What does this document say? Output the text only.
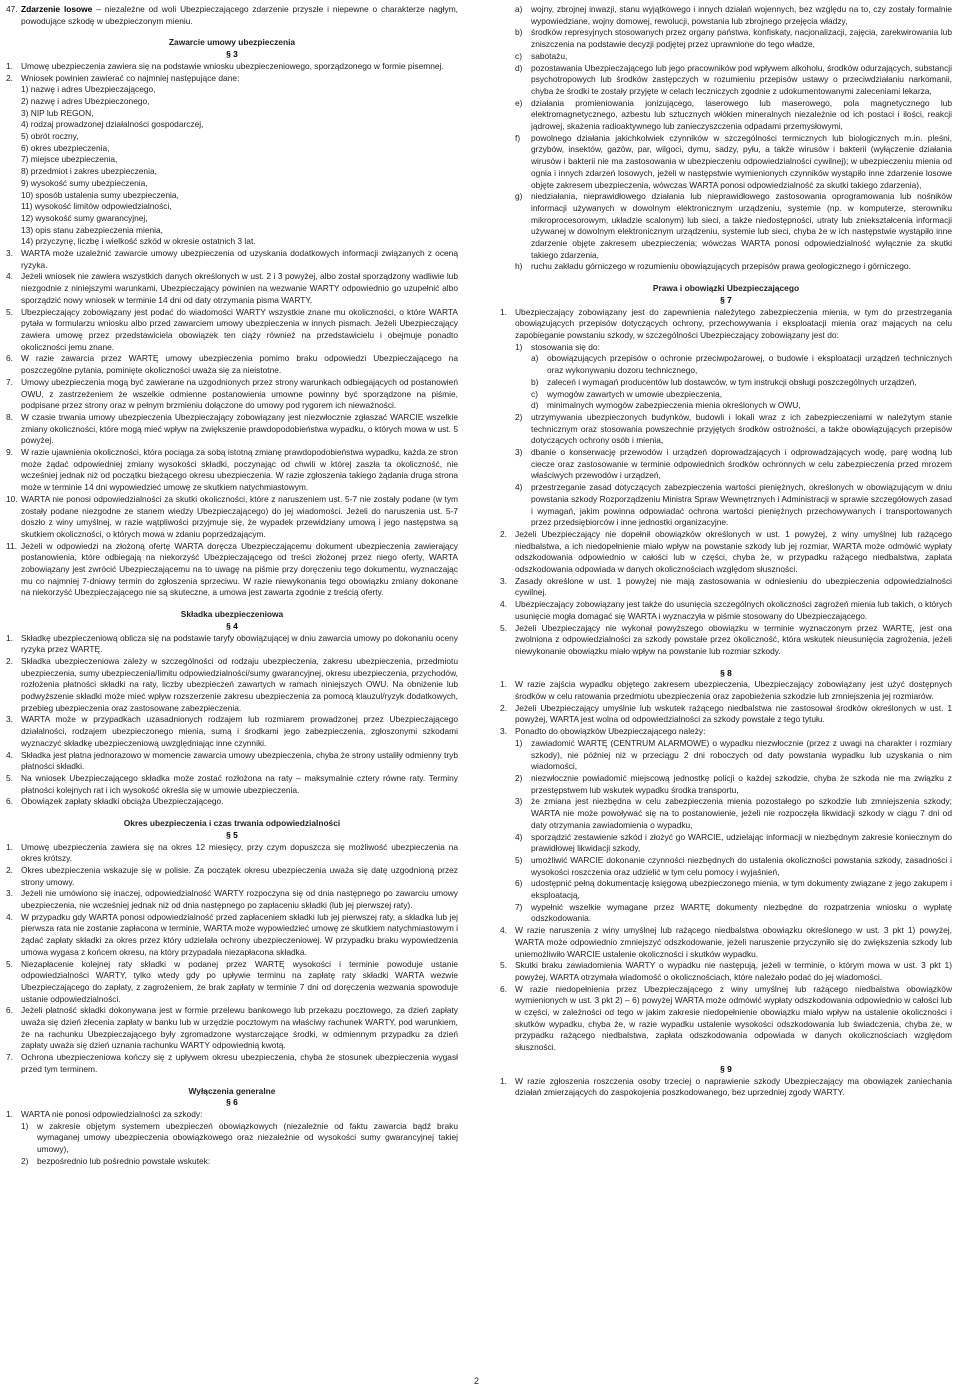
47. Zdarzenie losowe – niezależne od woli Ubezpieczającego zdarzenie przyszłe i niepewne o charakterze nagłym, powodujące szkodę w ubezpieczonym mieniu.
Zawarcie umowy ubezpieczenia
§ 3
1. Umowę ubezpieczenia zawiera się na podstawie wniosku ubezpieczeniowego, sporządzonego w formie pisemnej.
2. Wniosek powinien zawierać co najmniej następujące dane:
1) nazwę i adres Ubezpieczającego,
2) nazwę i adres Ubezpieczonego,
3) NIP lub REGON,
4) rodzaj prowadzonej działalności gospodarczej,
5) obrót roczny,
6) okres ubezpieczenia,
7) miejsce ubezpieczenia,
8) przedmiot i zakres ubezpieczenia,
9) wysokość sumy ubezpieczenia,
10) sposób ustalenia sumy ubezpieczenia,
11) wysokość limitów odpowiedzialności,
12) wysokość sumy gwarancyjnej,
13) opis stanu zabezpieczenia mienia,
14) przyczynę, liczbę i wielkość szkód w okresie ostatnich 3 lat.
3. WARTA może uzależnić zawarcie umowy ubezpieczenia od uzyskania dodatkowych informacji związanych z oceną ryzyka.
4. Jeżeli wniosek nie zawiera wszystkich danych określonych w ust. 2 i 3 powyżej, albo został sporządzony wadliwie lub niezgodnie z niniejszymi warunkami, Ubezpieczający powinien na wezwanie WARTY odpowiednio go uzupełnić albo sporządzić nowy wniosek w terminie 14 dni od daty otrzymania pisma WARTY.
5. Ubezpieczający zobowiązany jest podać do wiadomości WARTY wszystkie znane mu okoliczności, o które WARTA pytała w formularzu wniosku albo przed zawarciem umowy ubezpieczenia w innych pismach. Jeżeli Ubezpieczający zawiera umowę przez przedstawiciela obowiązek ten ciąży również na przedstawicielu i obejmuje ponadto okoliczności jemu znane.
6. W razie zawarcia przez WARTĘ umowy ubezpieczenia pomimo braku odpowiedzi Ubezpieczającego na poszczególne pytania, pominięte okoliczności uważa się za nieistotne.
7. Umowy ubezpieczenia mogą być zawierane na uzgodnionych przez strony warunkach odbiegających od postanowień OWU, z zastrzeżeniem że wszelkie odmienne postanowienia umowne powinny być sporządzone na piśmie, podpisane przez strony oraz w pełnym brzmieniu dołączone do umowy pod rygorem ich nieważności.
8. W czasie trwania umowy ubezpieczenia Ubezpieczający zobowiązany jest niezwłocznie zgłaszać WARCIE wszelkie zmiany okoliczności, które mogą mieć wpływ na zwiększenie prawdopodobieństwa wypadku, o których mowa w ust. 5 powyżej.
9. W razie ujawnienia okoliczności, która pociąga za sobą istotną zmianę prawdopodobieństwa wypadku, każda ze stron może żądać odpowiedniej zmiany wysokości składki, poczynając od chwili w której zaszła ta okoliczność, nie wcześniej jednak niż od początku bieżącego okresu ubezpieczenia. W razie zgłoszenia takiego żądania druga strona może w terminie 14 dni wypowiedzieć umowę ze skutkiem natychmiastowym.
10. WARTA nie ponosi odpowiedzialności za skutki okoliczności, które z naruszeniem ust. 5-7 nie zostały podane (w tym zostały podane niezgodne ze stanem wiedzy Ubezpieczającego) do jej wiadomości. Jeżeli do naruszenia ust. 5-7 doszło z winy umyślnej, w razie wątpliwości przyjmuje się, że wypadek przewidziany umową i jego następstwa są skutkiem okoliczności, o których mowa w zdaniu poprzedzającym.
11. Jeżeli w odpowiedzi na złożoną ofertę WARTA doręcza Ubezpieczającemu dokument ubezpieczenia zawierający postanowienia, które odbiegają na niekorzyść Ubezpieczającego od treści złożonej przez niego oferty, WARTA zobowiązany jest zwrócić Ubezpieczającemu na to uwagę na piśmie przy doręczeniu tego dokumentu, wyznaczając mu co najmniej 7-dniowy termin do zgłoszenia sprzeciwu. W razie niewykonania tego obowiązku zmiany dokonane na niekorzyść Ubezpieczającego nie są skuteczne, a umowa jest zawarta zgodnie z treścią oferty.
Składka ubezpieczeniowa
§ 4
1. Składkę ubezpieczeniową oblicza się na podstawie taryfy obowiązującej w dniu zawarcia umowy po dokonaniu oceny ryzyka przez WARTĘ.
2. Składka ubezpieczeniowa zależy w szczególności od rodzaju ubezpieczenia, zakresu ubezpieczenia, przedmiotu ubezpieczenia, sumy ubezpieczenia/limitu odpowiedzialności/sumy gwarancyjnej, okresu ubezpieczenia, przychodów, rozłożenia płatności składki na raty, liczby ubezpieczeń zawartych w ramach niniejszych OWU. Na obniżenie lub podwyższenie składki może mieć wpływ rozszerzenie zakresu ubezpieczenia za pomocą klauzul/ryzyk dodatkowych, przebieg ubezpieczenia oraz zastosowane zabezpieczenia.
3. WARTA może w przypadkach uzasadnionych rodzajem lub rozmiarem prowadzonej przez Ubezpieczającego działalności, rodzajem ubezpieczonego mienia, sumą i środkami jego zabezpieczenia, zgłoszonymi szkodami wyznaczyć składkę ubezpieczeniową uwzględniając inne czynniki.
4. Składka jest płatna jednorazowo w momencie zawarcia umowy ubezpieczenia, chyba że strony ustaliły odmienny tryb płatności składki.
5. Na wniosek Ubezpieczającego składka może zostać rozłożona na raty – maksymalnie cztery równe raty. Terminy płatności kolejnych rat i ich wysokość określa się w umowie ubezpieczenia.
6. Obowiązek zapłaty składki obciąża Ubezpieczającego.
Okres ubezpieczenia i czas trwania odpowiedzialności
§ 5
1. Umowę ubezpieczenia zawiera się na okres 12 miesięcy, przy czym dopuszcza się możliwość ubezpieczenia na okres krótszy.
2. Okres ubezpieczenia wskazuje się w polisie. Za początek okresu ubezpieczenia uważa się datę uzgodnioną przez strony umowy.
3. Jeżeli nie umówiono się inaczej, odpowiedzialność WARTY rozpoczyna się od dnia następnego po zawarciu umowy ubezpieczenia, nie wcześniej jednak niż od dnia następnego po zapłaceniu składki (lub jej pierwszej raty).
4. W przypadku gdy WARTA ponosi odpowiedzialność przed zapłaceniem składki lub jej pierwszej raty, a składka lub jej pierwsza rata nie zostanie zapłacona w terminie, WARTA może wypowiedzieć umowę ze skutkiem natychmiastowym i żądać zapłaty składki za okres przez który udzielała ochrony ubezpieczeniowej. W przypadku braku wypowiedzenia umowa wygasa z końcem okresu, na który przypadała niezapłacona składka.
5. Niezapłacenie kolejnej raty składki w podanej przez WARTĘ wysokości i terminie powoduje ustanie odpowiedzialności WARTY, tylko wtedy gdy po upływie terminu na zapłatę raty składki WARTA wezwie Ubezpieczającego do zapłaty, z zagrożeniem, że brak zapłaty w terminie 7 dni od doręczenia wezwania spowoduje ustanie odpowiedzialności.
6. Jeżeli płatność składki dokonywana jest w formie przelewu bankowego lub przekazu pocztowego, za dzień zapłaty uważa się dzień złecenia zapłaty w banku lub w urzędzie pocztowym na właściwy rachunek WARTY, pod warunkiem, że na rachunku Ubezpieczającego były zgromadzone wystarczające środki, w odmiennym przypadku za dzień zapłaty uważa się dzień uznania rachunku WARTY odpowiednią kwotą.
7. Ochrona ubezpieczeniowa kończy się z upływem okresu ubezpieczenia, chyba że stosunek ubezpieczenia wygasł przed tym terminem.
Wyłączenia generalne
§ 6
1. WARTA nie ponosi odpowiedzialności za szkody:
1) w zakresie objętym systemem ubezpieczeń obowiązkowych (niezależnie od faktu zawarcia bądź braku wymaganej umowy ubezpieczenia obowiązkowego oraz niezależnie od wysokości sumy gwarancyjnej takiej umowy),
2) bezpośrednio lub pośrednio powstałe wskutek:
a) wojny, zbrojnej inwazji, stanu wyjątkowego i innych działań wojennych, bez względu na to, czy zostały formalnie wypowiedziane, wojny domowej, rewolucji, powstania lub zbrojnego przejęcia władzy,
b) środków represyjnych stosowanych przez organy państwa, konfiskaty, nacjonalizacji, zajęcia, zarekwirowania lub zniszczenia na podstawie decyzji podjętej przez uprawnione do tego władze,
c) sabotażu,
d) pozostawania Ubezpieczającego lub jego pracowników pod wpływem alkoholu, środków odurzających, substancji psychotropowych lub środków zastępczych w rozumieniu przepisów ustawy o przeciwdziałaniu narkomanii, chyba że środki te zostały przyjęte w celach leczniczych zgodnie z udokumentowanymi zaleceniami lekarza,
e) działania promieniowania jonizującego, laserowego lub maserowego, pola magnetycznego lub elektromagnetycznego, azbestu lub sztucznych włókien mineralnych niezależnie od ich postaci i ilości, reakcji jądrowej, skażenia radioaktywnego lub zanieczyszczenia odpadami przemysłowymi,
f) powolnego działania jakichkolwiek czynników w szczególności termicznych lub biologicznych m.in. pleśni, grzybów, insektów, gazów, par, wilgoci, dymu, sadzy, pyłu, a także wirusów i bakterii (wyłączenie działania wirusów i bakterii nie ma zastosowania w ubezpieczeniu odpowiedzialności cywilnej); w ubezpieczeniu mienia od ognia i innych zdarzeń losowych, jeżeli w następstwie wymienionych czynników wystąpiło inne zdarzenie losowe objęte zakresem ubezpieczenia, wówczas WARTA ponosi odpowiedzialność za skutki takiego zdarzenia),
g) niedziałania, nieprawidłowego działania lub nieprawidłowego zastosowania oprogramowania lub nośników informacji używanych w dowolnym elektronicznym urządzeniu, systemie (np. w komputerze, sterowniku mikroprocesorowym, układzie scalonym) lub sieci, a także niedostępności, utraty lub zniekształcenia informacji używanej w dowolnym elektronicznym urządzeniu, systemie lub sieci, chyba że w ich następstwie wystąpiło inne zdarzenie objęte zakresem ubezpieczenia; wówczas WARTA ponosi odpowiedzialność wyłącznie za skutki takiego zdarzenia,
h) ruchu zakładu górniczego w rozumieniu obowiązujących przepisów prawa geologicznego i górniczego.
Prawa i obowiązki Ubezpieczającego
§ 7
1. Ubezpieczający zobowiązany jest do zapewnienia należytego zabezpieczenia mienia, w tym do przestrzegania obowiązujących przepisów dotyczących ochrony, przechowywania i eksploatacji mienia oraz mających na celu zapobieganie powstaniu szkody, w szczególności Ubezpieczający zobowiązany jest do:
1) stosowania się do:
a) obowiązujących przepisów o ochronie przeciwpożarowej, o budowie i eksploatacji urządzeń technicznych oraz wykonywaniu dozoru technicznego,
b) zaleceń i wymagań producentów lub dostawców, w tym instrukcji obsługi poszczególnych urządzeń,
c) wymogów zawartych w umowie ubezpieczenia,
d) minimalnych wymogów zabezpieczenia mienia określonych w OWU,
2) utrzymywania ubezpieczonych budynków, budowli i lokali wraz z ich zabezpieczeniami w należytym stanie technicznym oraz stosowania powszechnie przyjętych środków ostrożności, a także obowiązujących przepisów dotyczących ochrony osób i mienia,
3) dbanie o konserwację przewodów i urządzeń doprowadzających i odprowadzających wodę, parę wodną lub ciecze oraz zastosowanie w terminie odpowiednich środków ochronnych w celu zabezpieczenia przed mrozem właściwych przewodów i urządzeń,
4) przestrzeganie zasad dotyczących zabezpieczenia wartości pieniężnych, określonych w obowiązującym w dniu powstania szkody Rozporządzeniu Ministra Spraw Wewnętrznych i Administracji w sprawie szczegółowych zasad i wymagań, jakim powinna odpowiadać ochrona wartości pieniężnych przechowywanych i transportowanych przez przedsiębiorców i inne jednostki organizacyjne.
2. Jeżeli Ubezpieczający nie dopełnił obowiązków określonych w ust. 1 powyżej, z winy umyślnej lub rażącego niedbalstwa, a ich niedopełnienie miało wpływ na powstanie szkody lub jej rozmiar, WARTA może odmówić wypłaty odszkodowania odpowiednio w całości lub w części, chyba że, w przypadku rażącego niedbalstwa, zapłata odszkodowania odpowiada w danych okolicznościach względom słuszności.
3. Zasady określone w ust. 1 powyżej nie mają zastosowania w odniesieniu do ubezpieczenia odpowiedzialności cywilnej.
4. Ubezpieczający zobowiązany jest także do usunięcia szczególnych okoliczności zagrożeń mienia lub takich, o których usunięcie mogła domagać się WARTA i wyznaczyła w piśmie stosowany do Ubezpieczającego.
5. Jeżeli Ubezpieczający nie wykonał powyższego obowiązku w terminie wyznaczonym przez WARTĘ, jest ona zwolniona z odpowiedzialności za szkody powstałe przez okoliczność, która wskutek nieusunięcia zagrożenia, jeżeli niewykonanie obowiązku miało wpływ na powstanie lub rozmiar szkody.
§ 8
1. W razie zajścia wypadku objętego zakresem ubezpieczenia, Ubezpieczający zobowiązany jest użyć dostępnych środków w celu ratowania przedmiotu ubezpieczenia oraz zapobieżenia szkodzie lub zmniejszenia jej rozmiarów.
2. Jeżeli Ubezpieczający umyślnie lub wskutek rażącego niedbalstwa nie zastosował środków określonych w ust. 1 powyżej, WARTA jest wolna od odpowiedzialności za szkody powstałe z tego tytułu.
3. Ponadto do obowiązków Ubezpieczającego należy:
1) zawiadomić WARTĘ (CENTRUM ALARMOWE) o wypadku niezwłocznie (przez z uwagi na charakter i rozmiary szkody), nie później niż w przeciągu 2 dni roboczych od daty powstania wypadku lub uzyskania o nim wiadomości,
2) niezwłocznie powiadomić miejscową jednostkę policji o każdej szkodzie, chyba że szkoda nie ma związku z przestępstwem lub wskutek wypadku środka transportu,
3) że zmiana jest niezbędna w celu zabezpieczenia mienia pozostałego po szkodzie lub zmniejszenia szkody; WARTA nie może powoływać się na to postanowienie, jeżeli nie rozpoczęła likwidacji szkody w ciągu 7 dni od daty otrzymania zawiadomienia o wypadku,
4) sporządzić zestawienie szkód i złożyć go WARCIE, udzielając informacji w niezbędnym zakresie koniecznym do prawidłowej likwidacji szkody,
5) umożliwić WARCIE dokonanie czynności niezbędnych do ustalenia okoliczności powstania szkody, zasadności i wysokości roszczenia oraz udzielić w tym celu pomocy i wyjaśnień,
6) udostępnić pełną dokumentację księgową ubezpieczonego mienia, w tym dokumenty związane z jego zakupem i eksploatacją,
7) wypełnić wszelkie wymagane przez WARTĘ dokumenty niezbędne do rozpatrzenia wniosku o wypłatę odszkodowania.
4. W razie naruszenia z winy umyślnej lub rażącego niedbalstwa obowiązku określonego w ust. 3 pkt 1) powyżej, WARTA może odpowiednio zmniejszyć odszkodowanie, jeżeli naruszenie przyczyniło się do zwiększenia szkody lub uniemożliwiło WARCIE ustalenie okoliczności i skutków wypadku.
5. Skutki braku zawiadomienia WARTY o wypadku nie następują, jeżeli w terminie, o którym mowa w ust. 3 pkt 1) powyżej, WARTA otrzymała wiadomość o okolicznościach, które należało podać do jej wiadomości.
6. W razie niedopełnienia przez Ubezpieczającego z winy umyślnej lub rażącego niedbalstwa obowiązków wymienionych w ust. 3 pkt 2) – 6) powyżej WARTA może odmówić wypłaty odszkodowania odpowiednio w całości lub w części, w zależności od tego w jakim zakresie niedopełnienie obowiązku miało wpływ na ustalenie okoliczności i skutków wypadku, chyba że, w razie wypadku ustalenie wysokości odszkodowania lub świadczenia, chyba że, w przypadku rażącego niedbalstwa, zapłata odszkodowania odpowiada w danych okolicznościach względom słuszności.
§ 9
1. W razie zgłoszenia roszczenia osoby trzeciej o naprawienie szkody Ubezpieczający ma obowiązek zaniechania działań zmierzających do zaspokojenia poszkodowanego, bez uprzedniej zgody WARTY.
2
